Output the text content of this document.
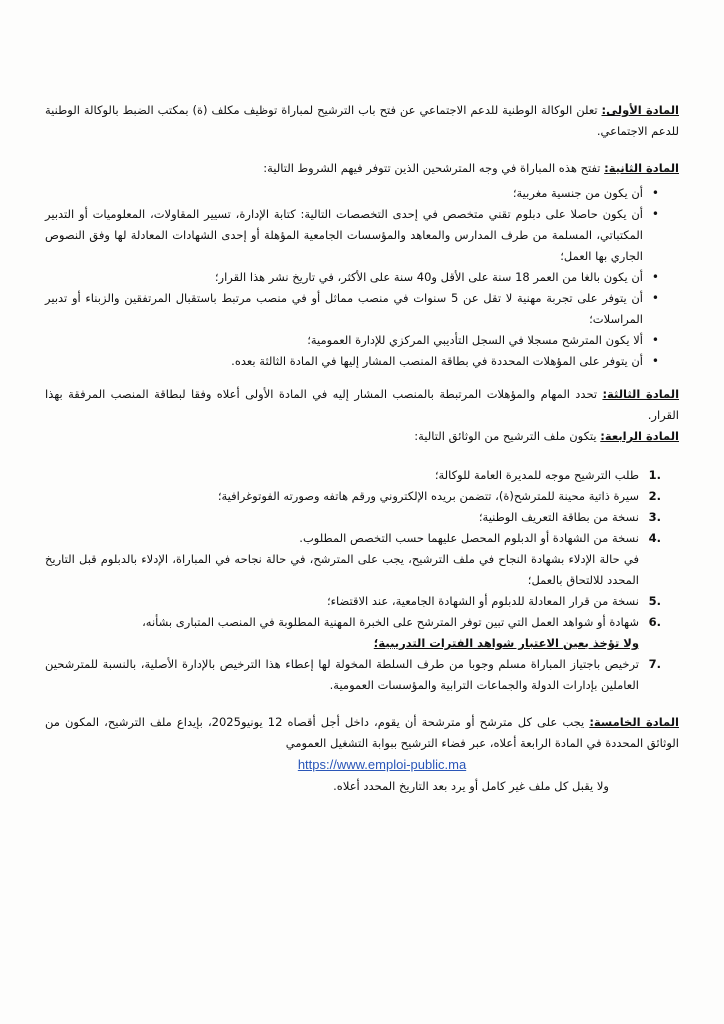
المادة الأولى: تعلن الوكالة الوطنية للدعم الاجتماعي عن فتح باب الترشيح لمباراة توظيف مكلف (ة) بمكتب الضبط بالوكالة الوطنية للدعم الاجتماعي.

المادة الثانية: تفتح هذه المباراة في وجه المترشحين الذين تتوفر فيهم الشروط التالية:

• أن يكون من جنسية مغربية؛
• أن يكون حاصلا على دبلوم تقني متخصص في إحدى التخصصات التالية: كتابة الإدارة، تسيير المقاولات، المعلوميات أو التدبير المكتباتي، المسلمة من طرف المدارس والمعاهد والمؤسسات الجامعية المؤهلة أو إحدى الشهادات المعادلة لها وفق النصوص الجاري بها العمل؛
• أن يكون بالغا من العمر 18 سنة على الأقل و40 سنة على الأكثر، في تاريخ نشر هذا القرار؛
• أن يتوفر على تجربة مهنية لا تقل عن 5 سنوات في منصب مماثل أو في منصب مرتبط باستقبال المرتفقين والزبناء أو تدبير المراسلات؛
• ألا يكون المترشح مسجلا في السجل التأديبي المركزي للإدارة العمومية؛
• أن يتوفر على المؤهلات المحددة في بطاقة المنصب المشار إليها في المادة الثالثة بعده.

المادة الثالثة: تحدد المهام والمؤهلات المرتبطة بالمنصب المشار إليه في المادة الأولى أعلاه وفقا لبطاقة المنصب المرفقة بهذا القرار.

المادة الرابعة: يتكون ملف الترشيح من الوثائق التالية:

.1
طلب الترشيح موجه للمديرة العامة للوكالة؛
.2
سيرة ذاتية محينة للمترشح(ة)، تتضمن بريده الإلكتروني ورقم هاتفه وصورته الفوتوغرافية؛
.3
نسخة من بطاقة التعريف الوطنية؛
.4
نسخة من الشهادة أو الدبلوم المحصل عليهما حسب التخصص المطلوب.
في حالة الإدلاء بشهادة النجاح في ملف الترشيح، يجب على المترشح، في حالة نجاحه في المباراة، الإدلاء بالدبلوم قبل التاريخ المحدد للالتحاق بالعمل؛
.5
نسخة من قرار المعادلة للدبلوم أو الشهادة الجامعية، عند الاقتضاء؛
.6
شهادة أو شواهد العمل التي تبين توفر المترشح على الخبرة المهنية المطلوبة في المنصب المتبارى بشأنه،
ولا تؤخذ بعين الاعتبار شواهد الفترات التدريبية؛
.7
ترخيص باجتياز المباراة مسلم وجوبا من طرف السلطة المخولة لها إعطاء هذا الترخيص بالإدارة الأصلية، بالنسبة للمترشحين العاملين بإدارات الدولة والجماعات الترابية والمؤسسات العمومية.

المادة الخامسة: يجب على كل مترشح أو مترشحة أن يقوم، داخل أجل أقصاه 12 يونيو2025، بإيداع ملف الترشيح، المكون من الوثائق المحددة في المادة الرابعة أعلاه، عبر فضاء الترشيح ببوابة التشغيل العمومي

https://www.emploi-public.ma

ولا يقبل كل ملف غير كامل أو يرد بعد التاريخ المحدد أعلاه.
